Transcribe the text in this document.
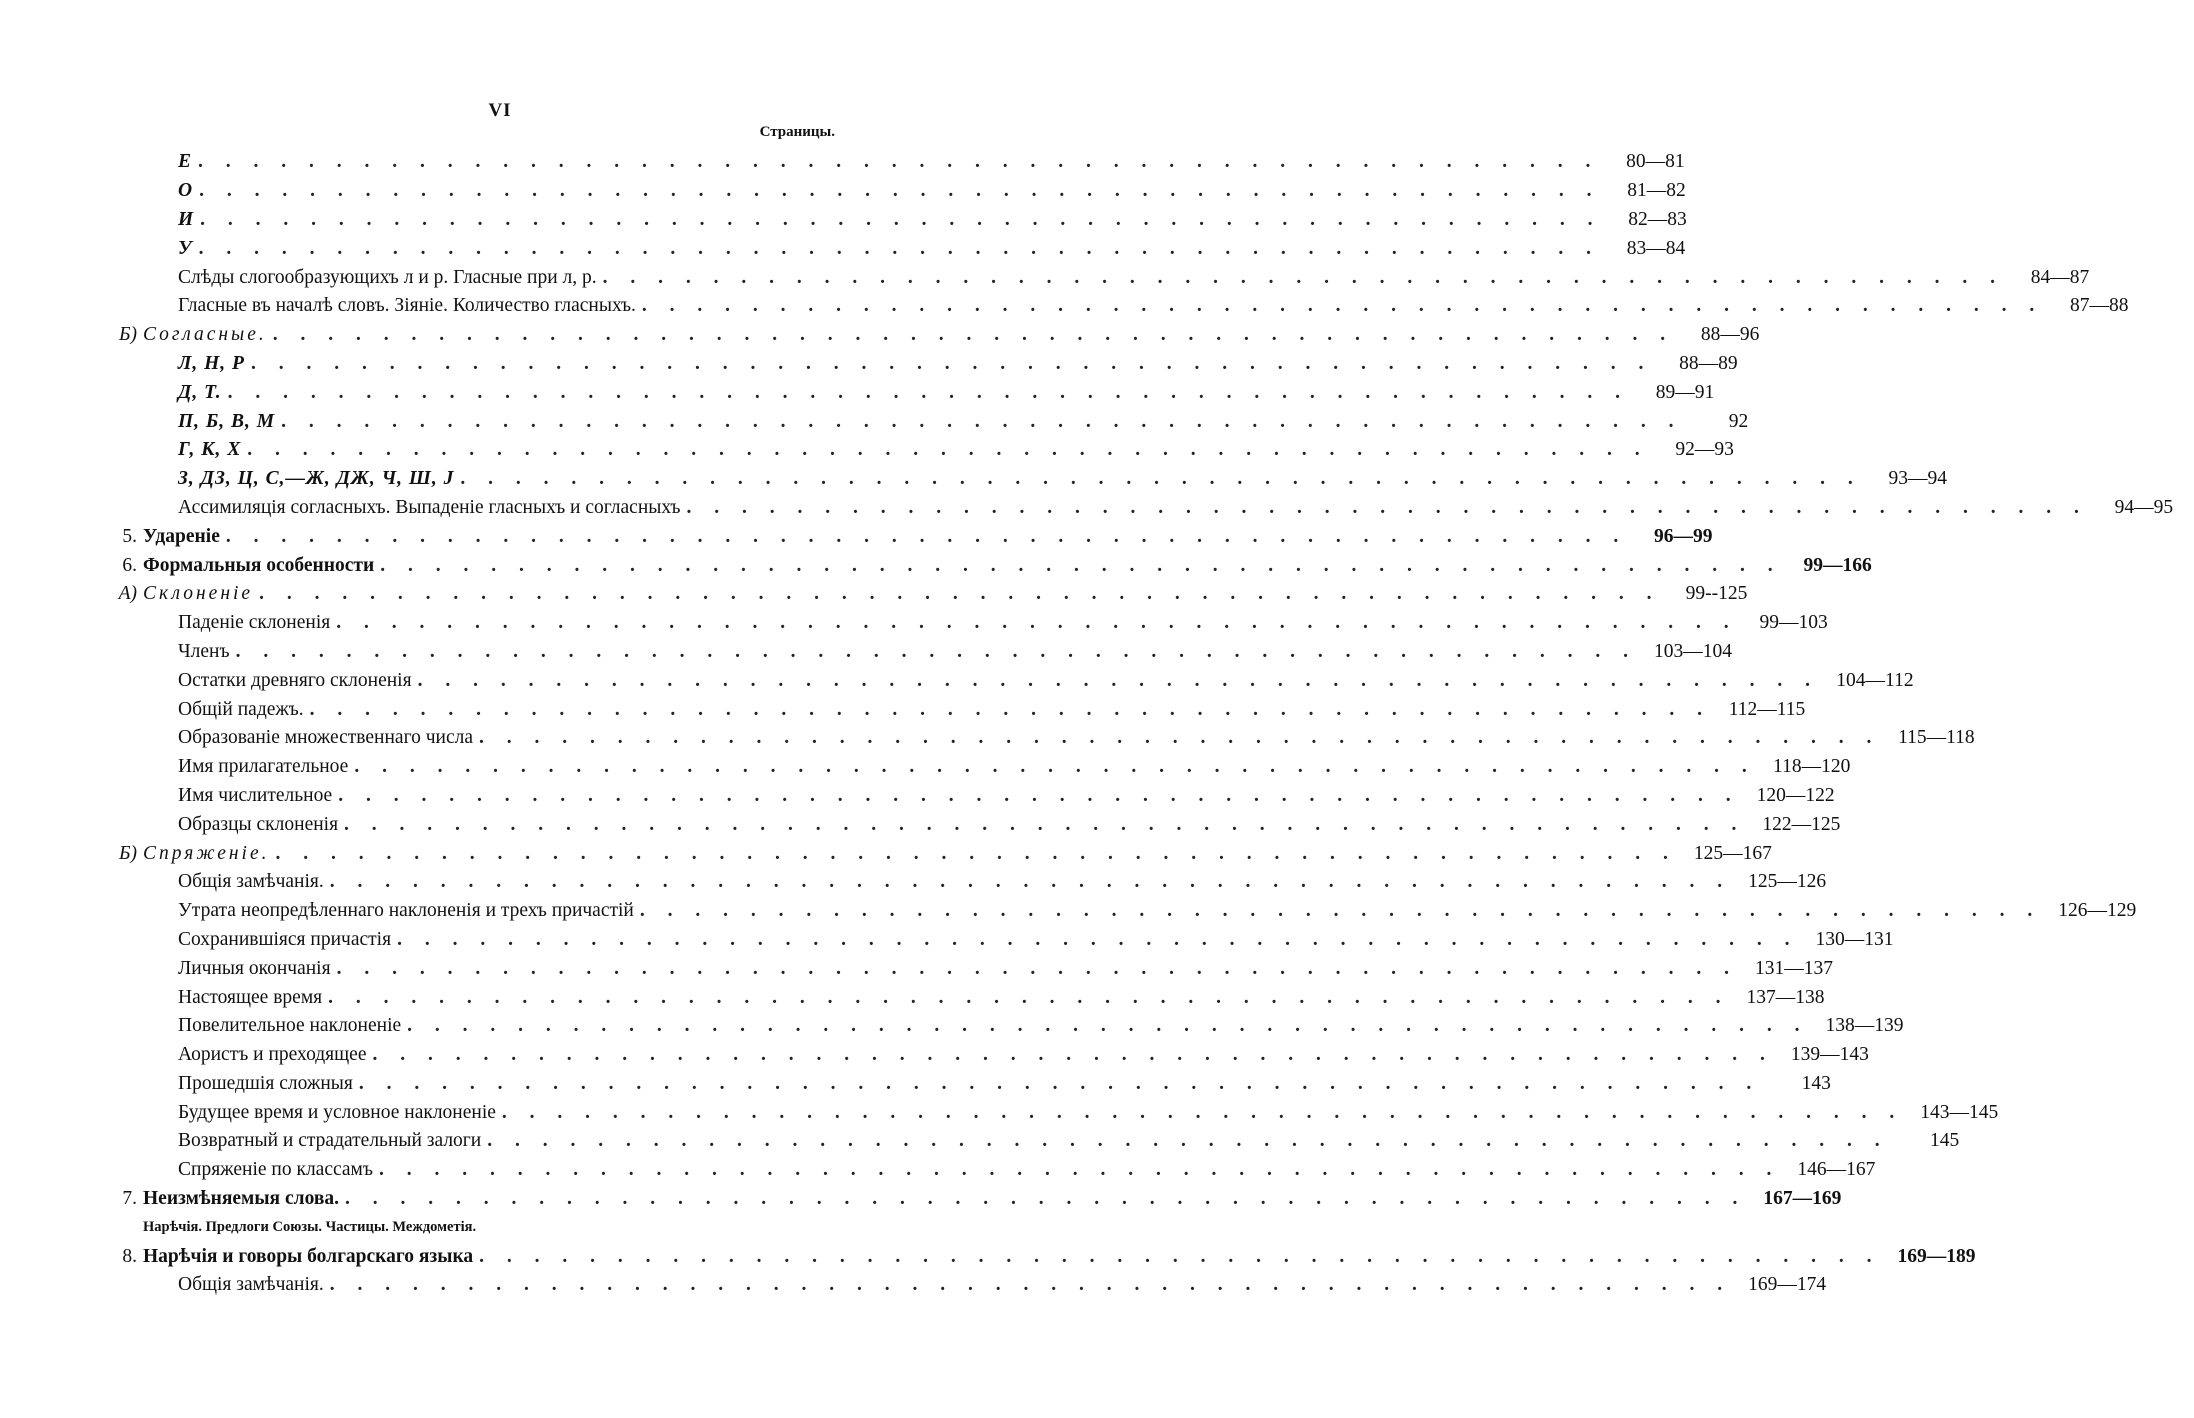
VI
Страницы.
Е . . . . . . . . . . . . . . . . . . . . . . . . . . . . . . . . . . . . . . . . . . . . . . . . . . .	80—81
О . . . . . . . . . . . . . . . . . . . . . . . . . . . . . . . . . . . . . . . . . . . . . . . . . . .	81—82
И . . . . . . . . . . . . . . . . . . . . . . . . . . . . . . . . . . . . . . . . . . . . . . . . . . .	82—83
У . . . . . . . . . . . . . . . . . . . . . . . . . . . . . . . . . . . . . . . . . . . . . . . . . . .	83—84
Слѣды слогообразующихъ л и р. Гласные при л, р. . . . . . . . . . . . . . . . . . . . . . . . . . . . . . . . . . . . . . . . . . . . . . . . . . . .	84—87
Гласные въ началѣ словъ. Зіяніе. Количество гласныхъ. . . . . . . . . . . . . . . . . . . . . . . . . . . . . . . . . . . . . . . . . . . . . . . . . . . .	87—88
Б) Согласные. . . . . . . . . . . . . . . . . . . . . . . . . . . . . . . . . . . . . . . . . . . . . . . . . . . .	88—96
Л, Н, Р . . . . . . . . . . . . . . . . . . . . . . . . . . . . . . . . . . . . . . . . . . . . . . . . . . .	88—89
Д, Т. . . . . . . . . . . . . . . . . . . . . . . . . . . . . . . . . . . . . . . . . . . . . . . . . . . .	89—91
П, Б, В, М . . . . . . . . . . . . . . . . . . . . . . . . . . . . . . . . . . . . . . . . . . . . . . . . . . .	92
Г, К, Х . . . . . . . . . . . . . . . . . . . . . . . . . . . . . . . . . . . . . . . . . . . . . . . . . . .	92—93
З, ДЗ, Ц, С,—Ж, ДЖ, Ч, Ш, J . . . . . . . . . . . . . . . . . . . . . . . . . . . . . . . . . . . . . . . . . . . . . . . . . . .	93—94
Ассимиляція согласныхъ. Выпаденіе гласныхъ и согласныхъ . . . . . . . . . . . . . . . . . . . . . . . . . . . . . . . . . . . . . . . . . . . . . . . . . . .	94—95
5. Удареніе . . . . . . . . . . . . . . . . . . . . . . . . . . . . . . . . . . . . . . . . . . . . . . . . . . .	96—99
6. Формальныя особенности . . . . . . . . . . . . . . . . . . . . . . . . . . . . . . . . . . . . . . . . . . . . . . . . . . .	99—166
А) Склоненіе . . . . . . . . . . . . . . . . . . . . . . . . . . . . . . . . . . . . . . . . . . . . . . . . . . .	99--125
Паденіе склоненія . . . . . . . . . . . . . . . . . . . . . . . . . . . . . . . . . . . . . . . . . . . . . . . . . . .	99—103
Членъ . . . . . . . . . . . . . . . . . . . . . . . . . . . . . . . . . . . . . . . . . . . . . . . . . . . 103—104
Остатки древняго склоненія . . . . . . . . . . . . . . . . . . . . . . . . . . . . . . . . . . . . . . . . . . . . . . . . . . . 104—112
Общій падежъ. . . . . . . . . . . . . . . . . . . . . . . . . . . . . . . . . . . . . . . . . . . . . . . . . . . . 112—115
Образованіе множественнаго числа . . . . . . . . . . . . . . . . . . . . . . . . . . . . . . . . . . . . . . . . . . . . . . . . . . . 115—118
Имя прилагательное . . . . . . . . . . . . . . . . . . . . . . . . . . . . . . . . . . . . . . . . . . . . . . . . . . . 118—120
Имя числительное . . . . . . . . . . . . . . . . . . . . . . . . . . . . . . . . . . . . . . . . . . . . . . . . . . . 120—122
Образцы склоненія . . . . . . . . . . . . . . . . . . . . . . . . . . . . . . . . . . . . . . . . . . . . . . . . . . . 122—125
Б) Спряженіе. . . . . . . . . . . . . . . . . . . . . . . . . . . . . . . . . . . . . . . . . . . . . . . . . . . . 125—167
Общія замѣчанія. . . . . . . . . . . . . . . . . . . . . . . . . . . . . . . . . . . . . . . . . . . . . . . . . . . . 125—126
Утрата неопредѣленнаго наклоненія и трехъ причастій . . . . . . . . . . . . . . . . . . . . . . . . . . . . . . . . . . . . . . . . . . . . . . . . . . . 126—129
Сохранившіяся причастія . . . . . . . . . . . . . . . . . . . . . . . . . . . . . . . . . . . . . . . . . . . . . . . . . . . 130—131
Личныя окончанія . . . . . . . . . . . . . . . . . . . . . . . . . . . . . . . . . . . . . . . . . . . . . . . . . . . 131—137
Настоящее время . . . . . . . . . . . . . . . . . . . . . . . . . . . . . . . . . . . . . . . . . . . . . . . . . . . 137—138
Повелительное наклоненіе . . . . . . . . . . . . . . . . . . . . . . . . . . . . . . . . . . . . . . . . . . . . . . . . . . . 138—139
Аористъ и преходящее . . . . . . . . . . . . . . . . . . . . . . . . . . . . . . . . . . . . . . . . . . . . . . . . . . . 139—143
Прошедшія сложныя . . . . . . . . . . . . . . . . . . . . . . . . . . . . . . . . . . . . . . . . . . . . . . . . . . .	143
Будущее время и условное наклоненіе . . . . . . . . . . . . . . . . . . . . . . . . . . . . . . . . . . . . . . . . . . . . . . . . . . . 143—145
Возвратный и страдательный залоги . . . . . . . . . . . . . . . . . . . . . . . . . . . . . . . . . . . . . . . . . . . . . . . . . . .	145
Спряженіе по классамъ . . . . . . . . . . . . . . . . . . . . . . . . . . . . . . . . . . . . . . . . . . . . . . . . . . . 146—167
7. Неизмѣняемыя слова. . . . . . . . . . . . . . . . . . . . . . . . . . . . . . . . . . . . . . . . . . . . . . . . . . . . 167—169
Нарѣчія. Предлоги Союзы. Частицы. Междометія.
8. Нарѣчія и говоры болгарскаго языка . . . . . . . . . . . . . . . . . . . . . . . . . . . . . . . . . . . . . . . . . . . . . . . . . . . 169—189
Общія замѣчанія. . . . . . . . . . . . . . . . . . . . . . . . . . . . . . . . . . . . . . . . . . . . . . . . . . . . 169—174
